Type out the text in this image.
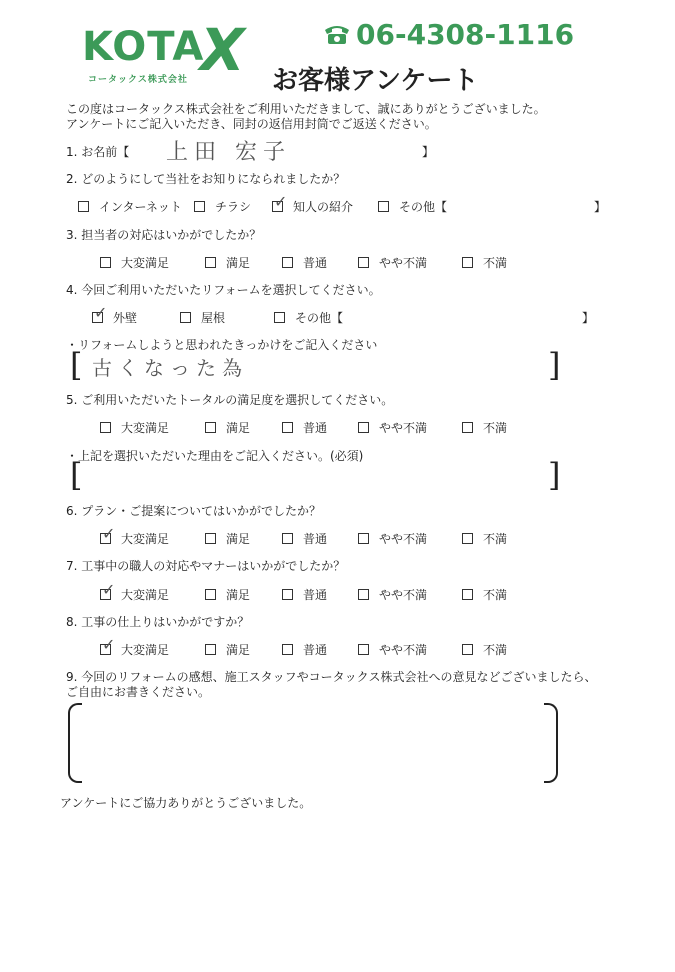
KOTA
X
コータックス株式会社
06-4308-1116
お客様アンケート
この度はコータックス株式会社をご利用いただきまして、誠にありがとうございました。
アンケートにご記入いただき、同封の返信用封筒でご返送ください。
1. お名前【 上田 宏子	】
2. どのようにして当社をお知りになられましたか？
インターネット	チラシ ✓ 知人の紹介	その他【	】
3. 担当者の対応はいかがでしたか？
大変満足	満足	普通	やや不満	不満
4. 今回ご利用いただいたリフォームを選択してください。
✓ 外壁	屋根	その他【	】
・リフォームしようと思われたきっかけをご記入ください
[ 古くなった為	]
5. ご利用いただいたトータルの満足度を選択してください。
大変満足	満足	普通	やや不満	不満
・上記を選択いただいた理由をご記入ください。(必須)
[	]
6. プラン・ご提案についてはいかがでしたか？
✓ 大変満足	満足	普通	やや不満	不満
7. 工事中の職人の対応やマナーはいかがでしたか？
✓ 大変満足	満足	普通	やや不満	不満
8. 工事の仕上りはいかがですか？
✓ 大変満足	満足	普通	やや不満	不満
9. 今回のリフォームの感想、施工スタッフやコータックス株式会社への意見などございましたら、
ご自由にお書きください。
アンケートにご協力ありがとうございました。
